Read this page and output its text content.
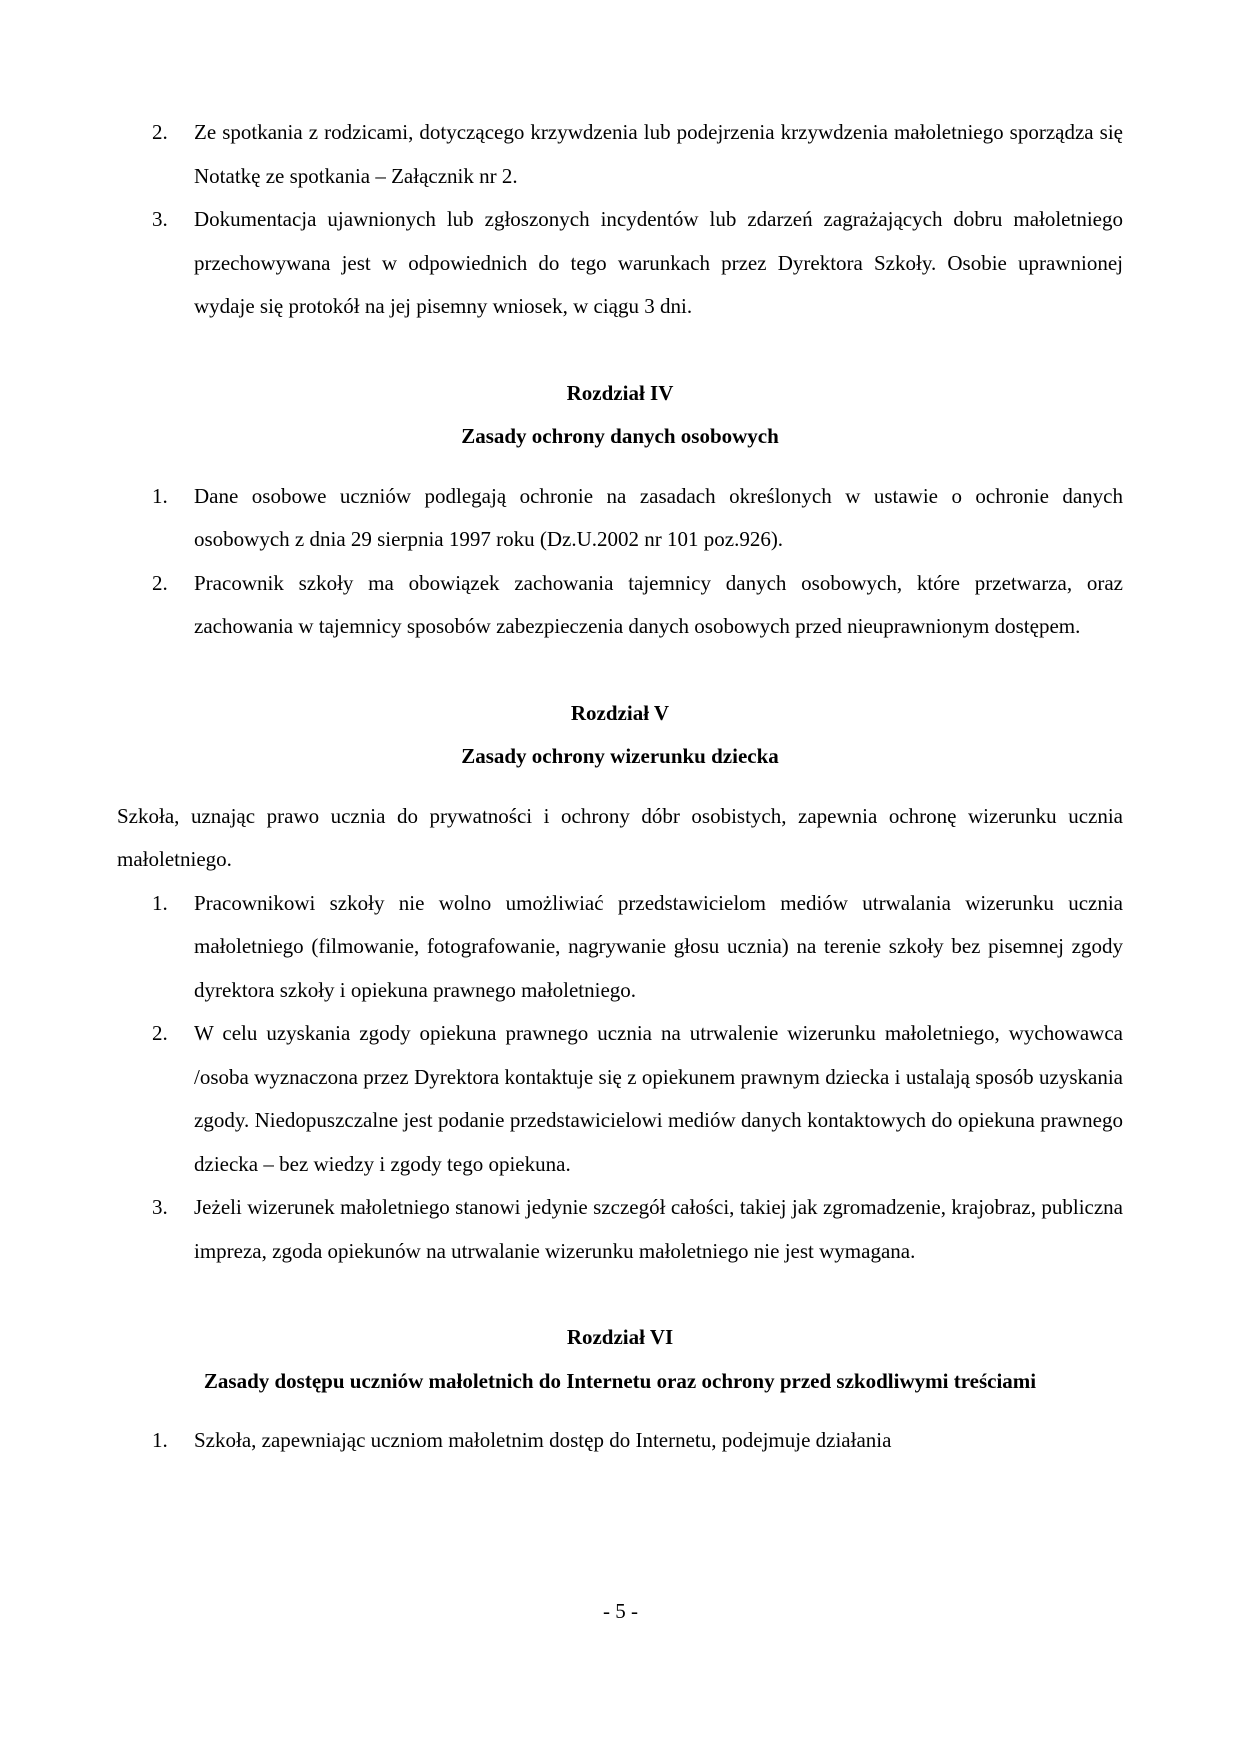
2. Ze spotkania z rodzicami, dotyczącego krzywdzenia lub podejrzenia krzywdzenia małoletniego sporządza się Notatkę ze spotkania – Załącznik nr 2.
3. Dokumentacja ujawnionych lub zgłoszonych incydentów lub zdarzeń zagrażających dobru małoletniego przechowywana jest w odpowiednich do tego warunkach przez Dyrektora Szkoły. Osobie uprawnionej wydaje się protokół na jej pisemny wniosek, w ciągu 3 dni.
Rozdział IV
Zasady ochrony danych osobowych
1. Dane osobowe uczniów podlegają ochronie na zasadach określonych w ustawie o ochronie danych osobowych z dnia 29 sierpnia 1997 roku (Dz.U.2002 nr 101 poz.926).
2. Pracownik szkoły ma obowiązek zachowania tajemnicy danych osobowych, które przetwarza, oraz zachowania w tajemnicy sposobów zabezpieczenia danych osobowych przed nieuprawnionym dostępem.
Rozdział V
Zasady ochrony wizerunku dziecka
Szkoła, uznając prawo ucznia do prywatności i ochrony dóbr osobistych, zapewnia ochronę wizerunku ucznia małoletniego.
1. Pracownikowi szkoły nie wolno umożliwiać przedstawicielom mediów utrwalania wizerunku ucznia małoletniego (filmowanie, fotografowanie, nagrywanie głosu ucznia) na terenie szkoły bez pisemnej zgody dyrektora szkoły i opiekuna prawnego małoletniego.
2. W celu uzyskania zgody opiekuna prawnego ucznia na utrwalenie wizerunku małoletniego, wychowawca /osoba wyznaczona przez Dyrektora kontaktuje się z opiekunem prawnym dziecka i ustalają sposób uzyskania zgody. Niedopuszczalne jest podanie przedstawicielowi mediów danych kontaktowych do opiekuna prawnego dziecka – bez wiedzy i zgody tego opiekuna.
3. Jeżeli wizerunek małoletniego stanowi jedynie szczegół całości, takiej jak zgromadzenie, krajobraz, publiczna impreza, zgoda opiekunów na utrwalanie wizerunku małoletniego nie jest wymagana.
Rozdział VI
Zasady dostępu uczniów małoletnich do Internetu oraz ochrony przed szkodliwymi treściami
1. Szkoła, zapewniając uczniom małoletnim dostęp do Internetu, podejmuje działania
- 5 -
